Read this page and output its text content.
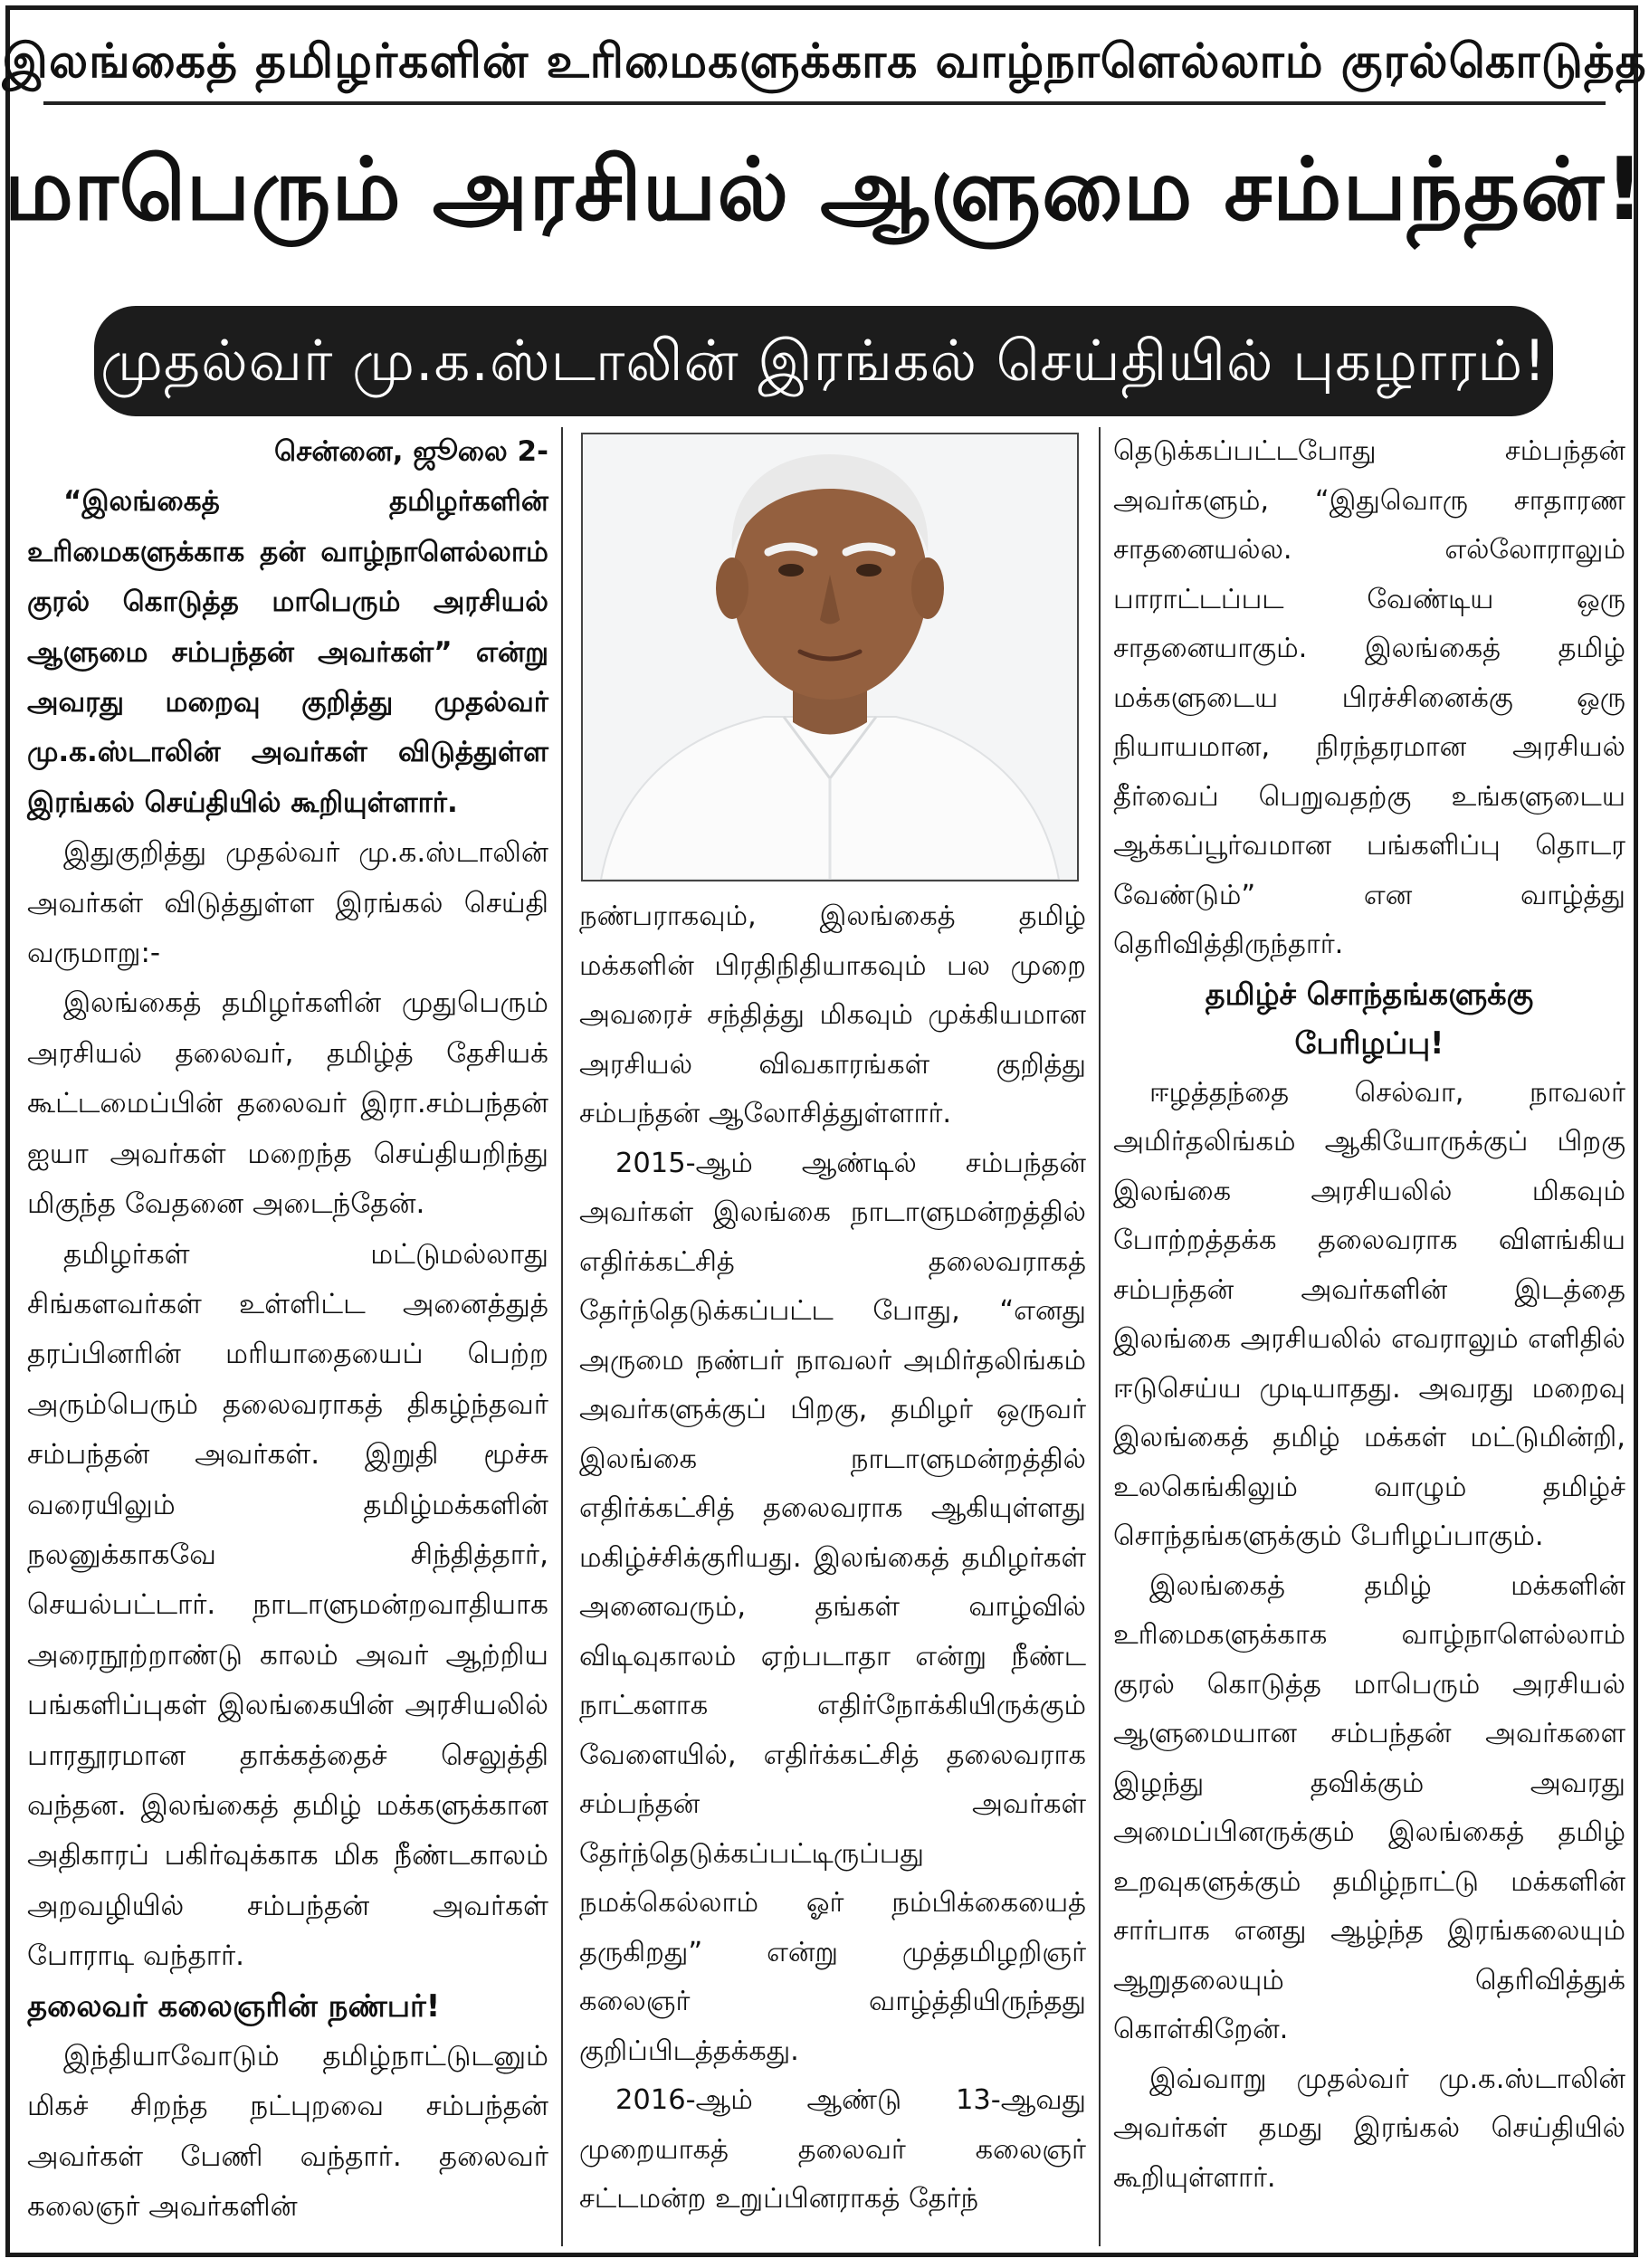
இலங்கைத் தமிழர்களின் உரிமைகளுக்காக வாழ்நாளெல்லாம் குரல்கொடுத்த
மாபெரும் அரசியல் ஆளுமை சம்பந்தன்!
முதல்வர் மு.க.ஸ்டாலின் இரங்கல் செய்தியில் புகழாரம்!

சென்னை, ஜூலை 2-

“இலங்கைத் தமிழர்களின் உரிமைகளுக்காக தன் வாழ்நாளெல்லாம் குரல் கொடுத்த மாபெரும் அரசியல் ஆளுமை சம்பந்தன் அவர்கள்” என்று அவரது மறைவு குறித்து முதல்வர் மு.க.ஸ்டாலின் அவர்கள் விடுத்துள்ள இரங்கல் செய்தியில் கூறியுள்ளார்.

இதுகுறித்து முதல்வர் மு.க.ஸ்டாலின் அவர்கள் விடுத்துள்ள இரங்கல் செய்தி வருமாறு:-

இலங்கைத் தமிழர்களின் முதுபெரும் அரசியல் தலைவர், தமிழ்த் தேசியக் கூட்டமைப்பின் தலைவர் இரா.சம்பந்தன் ஐயா அவர்கள் மறைந்த செய்தியறிந்து மிகுந்த வேதனை அடைந்தேன்.

தமிழர்கள் மட்டுமல்லாது சிங்களவர்கள் உள்ளிட்ட அனைத்துத் தரப்பினரின் மரியாதையைப் பெற்ற அரும்பெரும் தலைவராகத் திகழ்ந்தவர் சம்பந்தன் அவர்கள். இறுதி மூச்சு வரையிலும் தமிழ்மக்களின் நலனுக்காகவே சிந்தித்தார், செயல்பட்டார். நாடாளுமன்றவாதியாக அரைநூற்றாண்டு காலம் அவர் ஆற்றிய பங்களிப்புகள் இலங்கையின் அரசியலில் பாரதூரமான தாக்கத்தைச் செலுத்தி வந்தன. இலங்கைத் தமிழ் மக்களுக்கான அதிகாரப் பகிர்வுக்காக மிக நீண்டகாலம் அறவழியில் சம்பந்தன் அவர்கள் போராடி வந்தார்.

தலைவர் கலைஞரின் நண்பர்!

இந்தியாவோடும் தமிழ்நாட்டுடனும் மிகச் சிறந்த நட்புறவை சம்பந்தன் அவர்கள் பேணி வந்தார். தலைவர் கலைஞர் அவர்களின்

நண்பராகவும், இலங்கைத் தமிழ் மக்களின் பிரதிநிதியாகவும் பல முறை அவரைச் சந்தித்து மிகவும் முக்கியமான அரசியல் விவகாரங்கள் குறித்து சம்பந்தன் ஆலோசித்துள்ளார்.

2015-ஆம் ஆண்டில் சம்பந்தன் அவர்கள் இலங்கை நாடாளுமன்றத்தில் எதிர்க்கட்சித் தலைவராகத் தேர்ந்தெடுக்கப்பட்ட போது, “எனது அருமை நண்பர் நாவலர் அமிர்தலிங்கம் அவர்களுக்குப் பிறகு, தமிழர் ஒருவர் இலங்கை நாடாளுமன்றத்தில் எதிர்க்கட்சித் தலைவராக ஆகியுள்ளது மகிழ்ச்சிக்குரியது. இலங்கைத் தமிழர்கள் அனைவரும், தங்கள் வாழ்வில் விடிவுகாலம் ஏற்படாதா என்று நீண்ட நாட்களாக எதிர்நோக்கியிருக்கும் வேளையில், எதிர்க்கட்சித் தலைவராக சம்பந்தன் அவர்கள் தேர்ந்தெடுக்கப்பட்டிருப்பது நமக்கெல்லாம் ஓர் நம்பிக்கையைத் தருகிறது” என்று முத்தமிழறிஞர் கலைஞர் வாழ்த்தியிருந்தது குறிப்பிடத்தக்கது.

2016-ஆம் ஆண்டு 13-ஆவது முறையாகத் தலைவர் கலைஞர் சட்டமன்ற உறுப்பினராகத் தேர்ந்

தெடுக்கப்பட்டபோது சம்பந்தன் அவர்களும், “இதுவொரு சாதாரண சாதனையல்ல. எல்லோராலும் பாராட்டப்பட வேண்டிய ஒரு சாதனையாகும். இலங்கைத் தமிழ் மக்களுடைய பிரச்சினைக்கு ஒரு நியாயமான, நிரந்தரமான அரசியல் தீர்வைப் பெறுவதற்கு உங்களுடைய ஆக்கப்பூர்வமான பங்களிப்பு தொடர வேண்டும்” என வாழ்த்து தெரிவித்திருந்தார்.

தமிழ்ச் சொந்தங்களுக்கு
பேரிழப்பு!

ஈழத்தந்தை செல்வா, நாவலர் அமிர்தலிங்கம் ஆகியோருக்குப் பிறகு இலங்கை அரசியலில் மிகவும் போற்றத்தக்க தலைவராக விளங்கிய சம்பந்தன் அவர்களின் இடத்தை இலங்கை அரசியலில் எவராலும் எளிதில் ஈடுசெய்ய முடியாதது. அவரது மறைவு இலங்கைத் தமிழ் மக்கள் மட்டுமின்றி, உலகெங்கிலும் வாழும் தமிழ்ச் சொந்தங்களுக்கும் பேரிழப்பாகும்.

இலங்கைத் தமிழ் மக்களின் உரிமைகளுக்காக வாழ்நாளெல்லாம் குரல் கொடுத்த மாபெரும் அரசியல் ஆளுமையான சம்பந்தன் அவர்களை இழந்து தவிக்கும் அவரது அமைப்பினருக்கும் இலங்கைத் தமிழ் உறவுகளுக்கும் தமிழ்நாட்டு மக்களின் சார்பாக எனது ஆழ்ந்த இரங்கலையும் ஆறுதலையும் தெரிவித்துக் கொள்கிறேன்.

இவ்வாறு முதல்வர் மு.க.ஸ்டாலின் அவர்கள் தமது இரங்கல் செய்தியில் கூறியுள்ளார்.
